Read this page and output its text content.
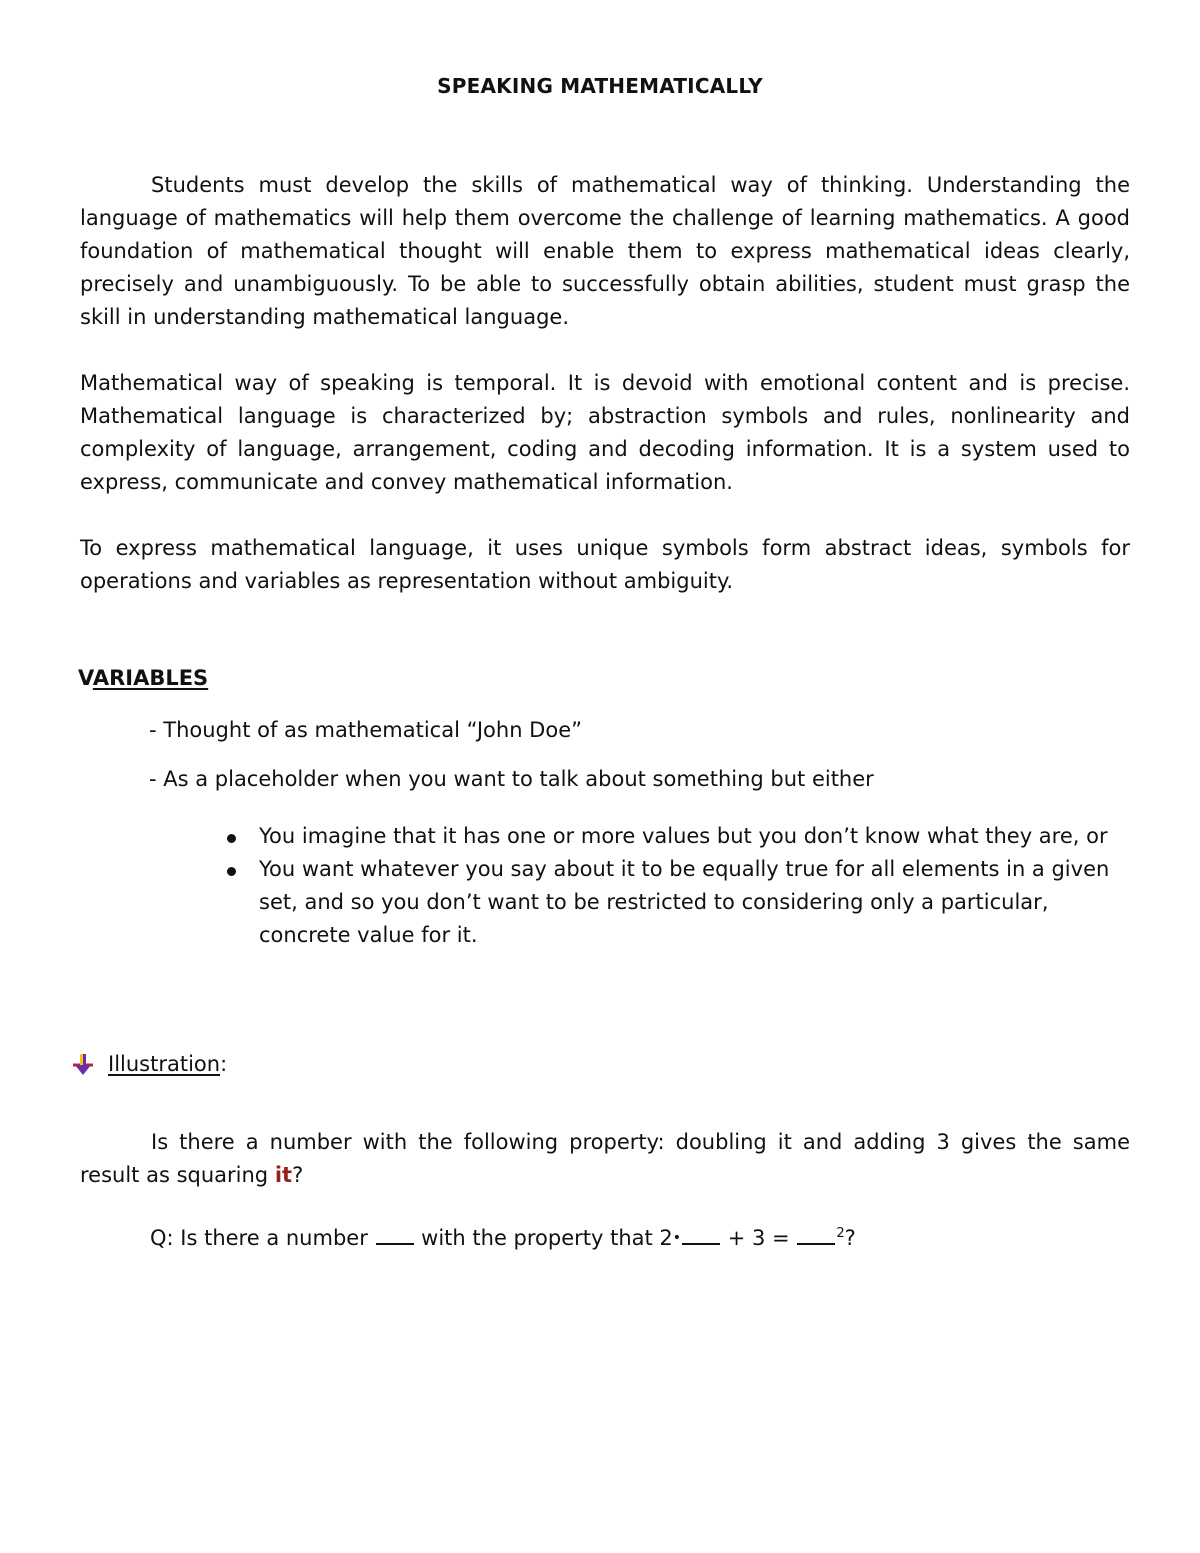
SPEAKING MATHEMATICALLY

Students must develop the skills of mathematical way of thinking. Understanding the language of mathematics will help them overcome the challenge of learning mathematics. A good foundation of mathematical thought will enable them to express mathematical ideas clearly, precisely and unambiguously. To be able to successfully obtain abilities, student must grasp the skill in understanding mathematical language.

Mathematical way of speaking is temporal. It is devoid with emotional content and is precise. Mathematical language is characterized by; abstraction symbols and rules, nonlinearity and complexity of language, arrangement, coding and decoding information. It is a system used to express, communicate and convey mathematical information.

To express mathematical language, it uses unique symbols form abstract ideas, symbols for operations and variables as representation without ambiguity.

VARIABLES
- Thought of as mathematical “John Doe”
- As a placeholder when you want to talk about something but either
You imagine that it has one or more values but you don’t know what they are, or
You want whatever you say about it to be equally true for all elements in a given set, and so you don’t want to be restricted to considering only a particular, concrete value for it.
Illustration :

Is there a number with the following property: doubling it and adding 3 gives the same result as squaring it?

Q: Is there a number  with the property that 2• + 3 =	$^2$?
